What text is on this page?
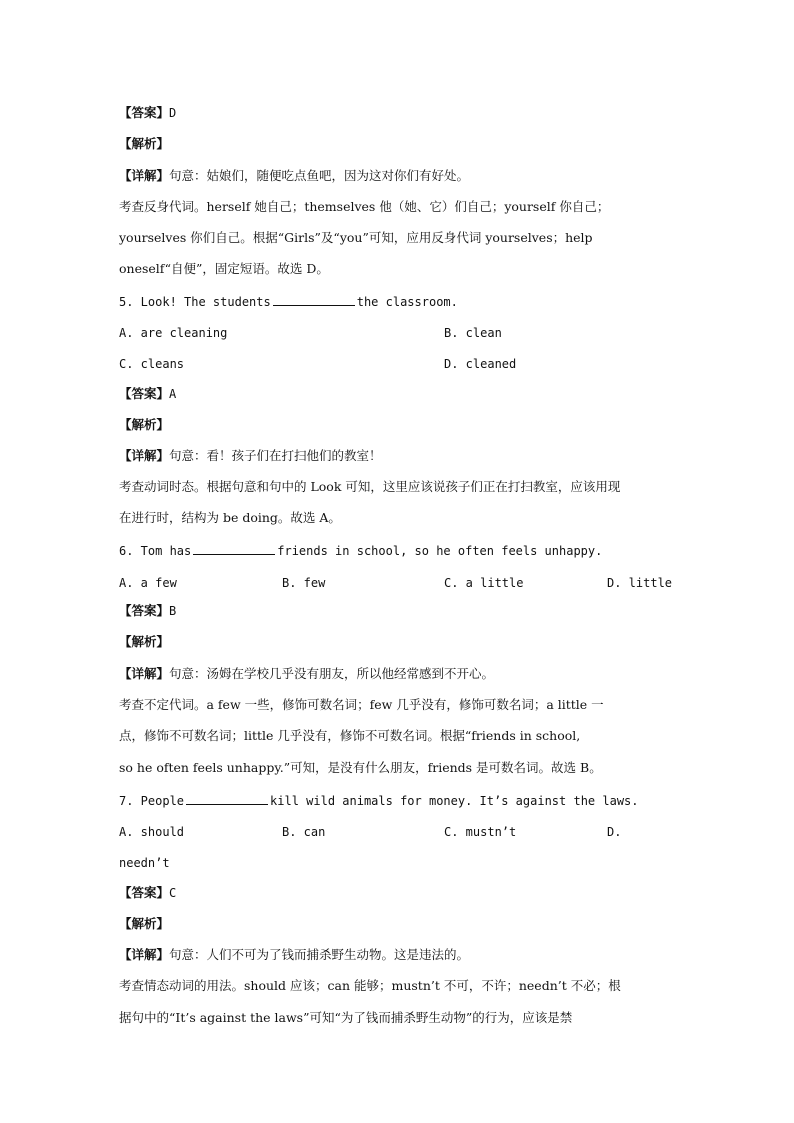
【答案】D
【解析】
【详解】句意：姑娘们，随便吃点鱼吧，因为这对你们有好处。
考查反身代词。herself 她自己；themselves 他（她、它）们自己；yourself 你自己；
yourselves 你们自己。根据“Girls”及“you”可知，应用反身代词 yourselves；help
oneself“自便”，固定短语。故选 D。
5. Look! The students	the classroom.
A. are cleaning	B. clean
C. cleans	D. cleaned
【答案】A
【解析】
【详解】句意：看！孩子们在打扫他们的教室！
考查动词时态。根据句意和句中的 Look 可知，这里应该说孩子们正在打扫教室，应该用现
在进行时，结构为 be doing。故选 A。
6. Tom has	friends in school, so he often feels unhappy.
A. a few	B. few	C. a little	D. little
【答案】B
【解析】
【详解】句意：汤姆在学校几乎没有朋友，所以他经常感到不开心。
考查不定代词。a few 一些，修饰可数名词；few 几乎没有，修饰可数名词；a little 一
点，修饰不可数名词；little 几乎没有，修饰不可数名词。根据“friends in school,
so he often feels unhappy.”可知，是没有什么朋友，friends 是可数名词。故选 B。
7. People	kill wild animals for money. It’s against the laws.
A. should	B. can	C. mustn’t	D.
needn’t
【答案】C
【解析】
【详解】句意：人们不可为了钱而捕杀野生动物。这是违法的。
考查情态动词的用法。should 应该；can 能够；mustn’t 不可，不许；needn’t 不必；根
据句中的“It’s against the laws”可知“为了钱而捕杀野生动物”的行为，应该是禁
